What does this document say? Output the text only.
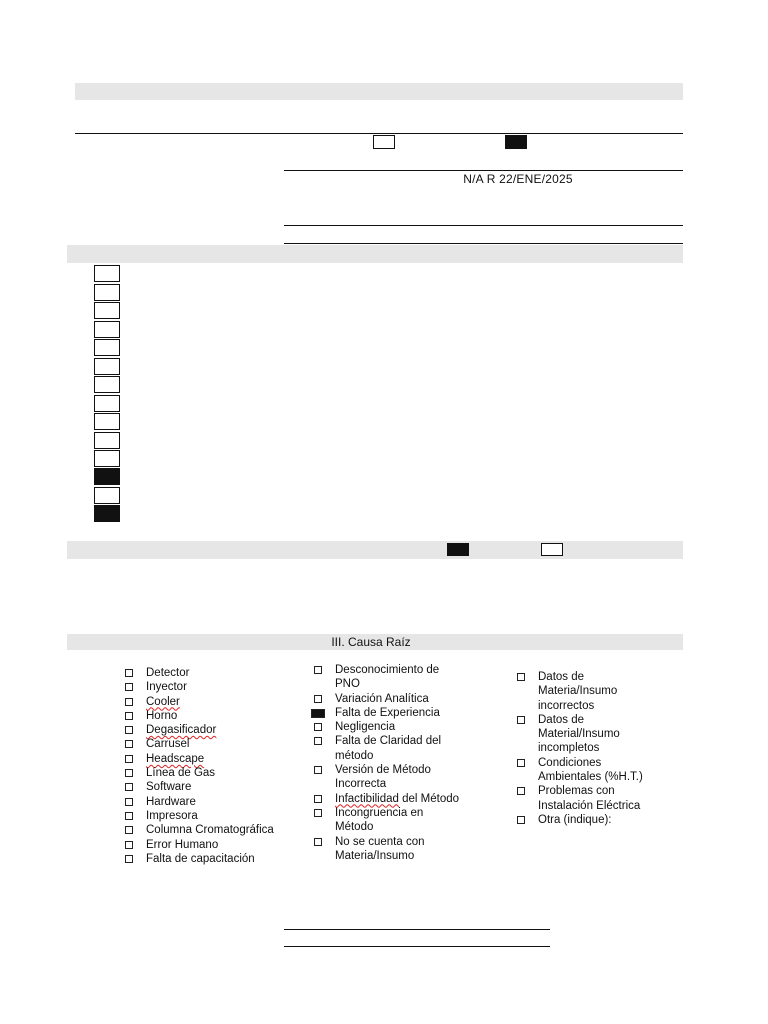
N/A R 22/ENE/2025
III. Causa Raíz
Detector
Inyector
Cooler
Horno
Degasificador
Carrusel
Headscape
Línea de Gas
Software
Hardware
Impresora
Columna Cromatográfica
Error Humano
Falta de capacitación
Desconocimiento de PNO
Variación Analítica
Falta de Experiencia
Negligencia
Falta de Claridad del método
Versión de Método Incorrecta
Infactibilidad del Método
Incongruencia en Método
No se cuenta con Materia/Insumo
Datos de Materia/Insumo incorrectos
Datos de Material/Insumo incompletos
Condiciones Ambientales (%H.T.)
Problemas con Instalación Eléctrica
Otra (indique):
